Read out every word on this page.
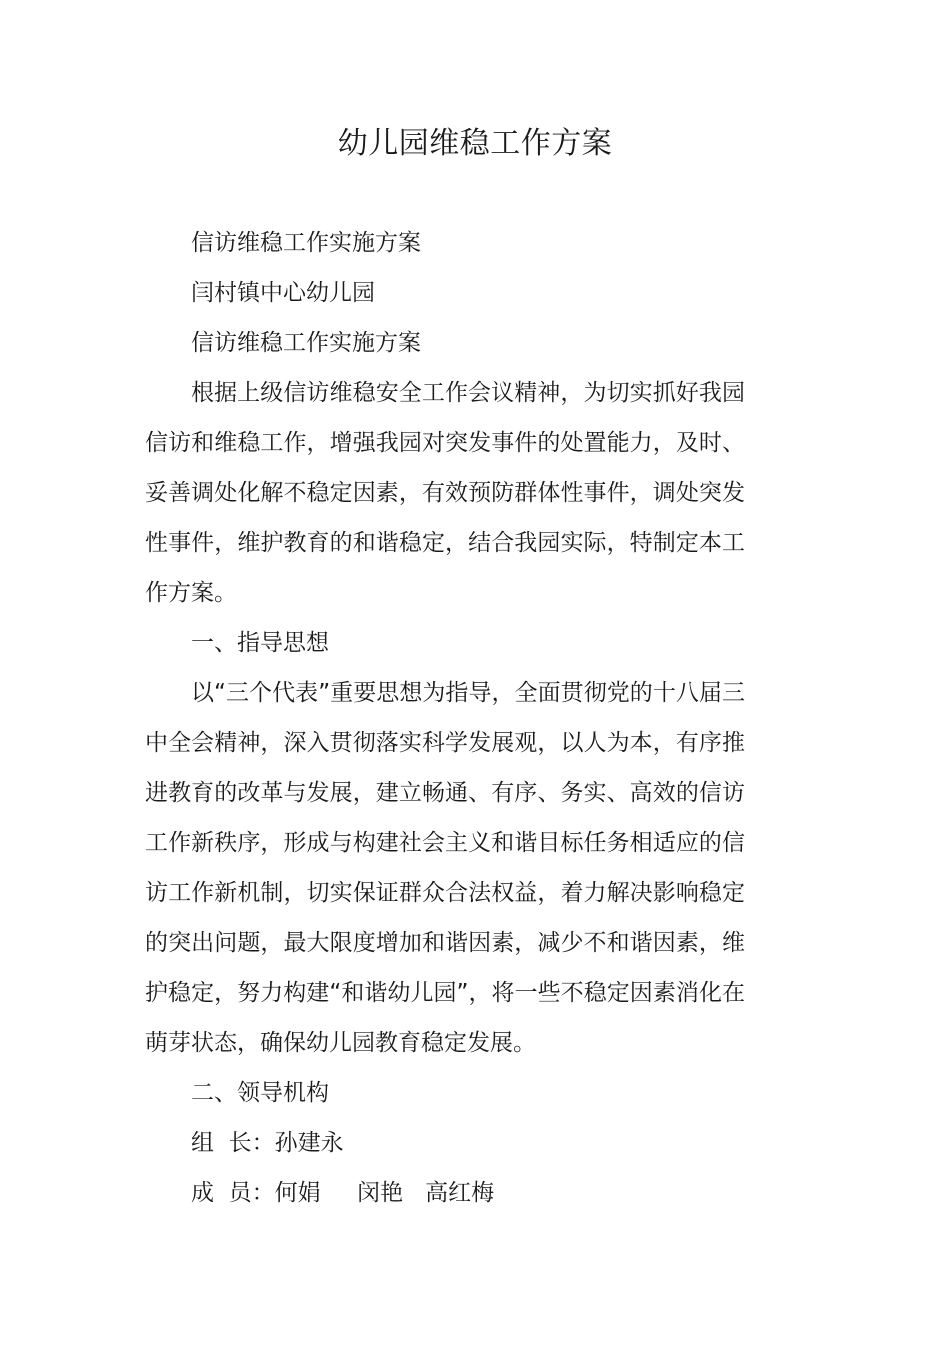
幼儿园维稳工作方案

信访维稳工作实施方案

闫村镇中心幼儿园

信访维稳工作实施方案

根据上级信访维稳安全工作会议精神，为切实抓好我园信访和维稳工作，增强我园对突发事件的处置能力，及时、妥善调处化解不稳定因素，有效预防群体性事件，调处突发性事件，维护教育的和谐稳定，结合我园实际，特制定本工作方案。

一、指导思想

以“三个代表”重要思想为指导，全面贯彻党的十八届三中全会精神，深入贯彻落实科学发展观，以人为本，有序推进教育的改革与发展，建立畅通、有序、务实、高效的信访工作新秩序，形成与构建社会主义和谐目标任务相适应的信访工作新机制，切实保证群众合法权益，着力解决影响稳定的突出问题，最大限度增加和谐因素，减少不和谐因素，维护稳定，努力构建“和谐幼儿园”，将一些不稳定因素消化在萌芽状态，确保幼儿园教育稳定发展。

二、领导机构

组  长：孙建永

成  员：何娟     闵艳   高红梅
